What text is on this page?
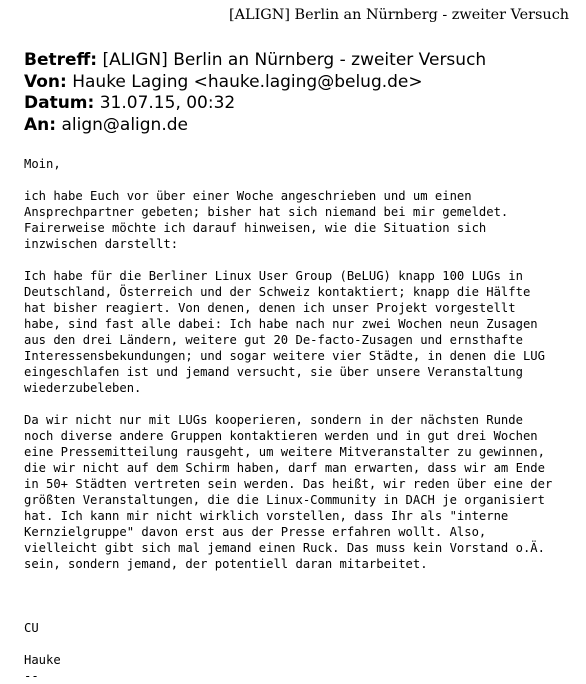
[ALIGN] Berlin an Nürnberg - zweiter Versuch
Betreff: [ALIGN] Berlin an Nürnberg - zweiter Versuch
Von: Hauke Laging <hauke.laging@belug.de>
Datum: 31.07.15, 00:32
An: align@align.de
Moin,

ich habe Euch vor über einer Woche angeschrieben und um einen
Ansprechpartner gebeten; bisher hat sich niemand bei mir gemeldet.
Fairerweise möchte ich darauf hinweisen, wie die Situation sich
inzwischen darstellt:

Ich habe für die Berliner Linux User Group (BeLUG) knapp 100 LUGs in
Deutschland, Österreich und der Schweiz kontaktiert; knapp die Hälfte
hat bisher reagiert. Von denen, denen ich unser Projekt vorgestellt
habe, sind fast alle dabei: Ich habe nach nur zwei Wochen neun Zusagen
aus den drei Ländern, weitere gut 20 De-facto-Zusagen und ernsthafte
Interessensbekundungen; und sogar weitere vier Städte, in denen die LUG
eingeschlafen ist und jemand versucht, sie über unsere Veranstaltung
wiederzubeleben.

Da wir nicht nur mit LUGs kooperieren, sondern in der nächsten Runde
noch diverse andere Gruppen kontaktieren werden und in gut drei Wochen
eine Pressemitteilung rausgeht, um weitere Mitveranstalter zu gewinnen,
die wir nicht auf dem Schirm haben, darf man erwarten, dass wir am Ende
in 50+ Städten vertreten sein werden. Das heißt, wir reden über eine der
größten Veranstaltungen, die die Linux-Community in DACH je organisiert
hat. Ich kann mir nicht wirklich vorstellen, dass Ihr als "interne
Kernzielgruppe" davon erst aus der Presse erfahren wollt. Also,
vielleicht gibt sich mal jemand einen Ruck. Das muss kein Vorstand o.Ä.
sein, sondern jemand, der potentiell daran mitarbeitet.

CU

Hauke
--
